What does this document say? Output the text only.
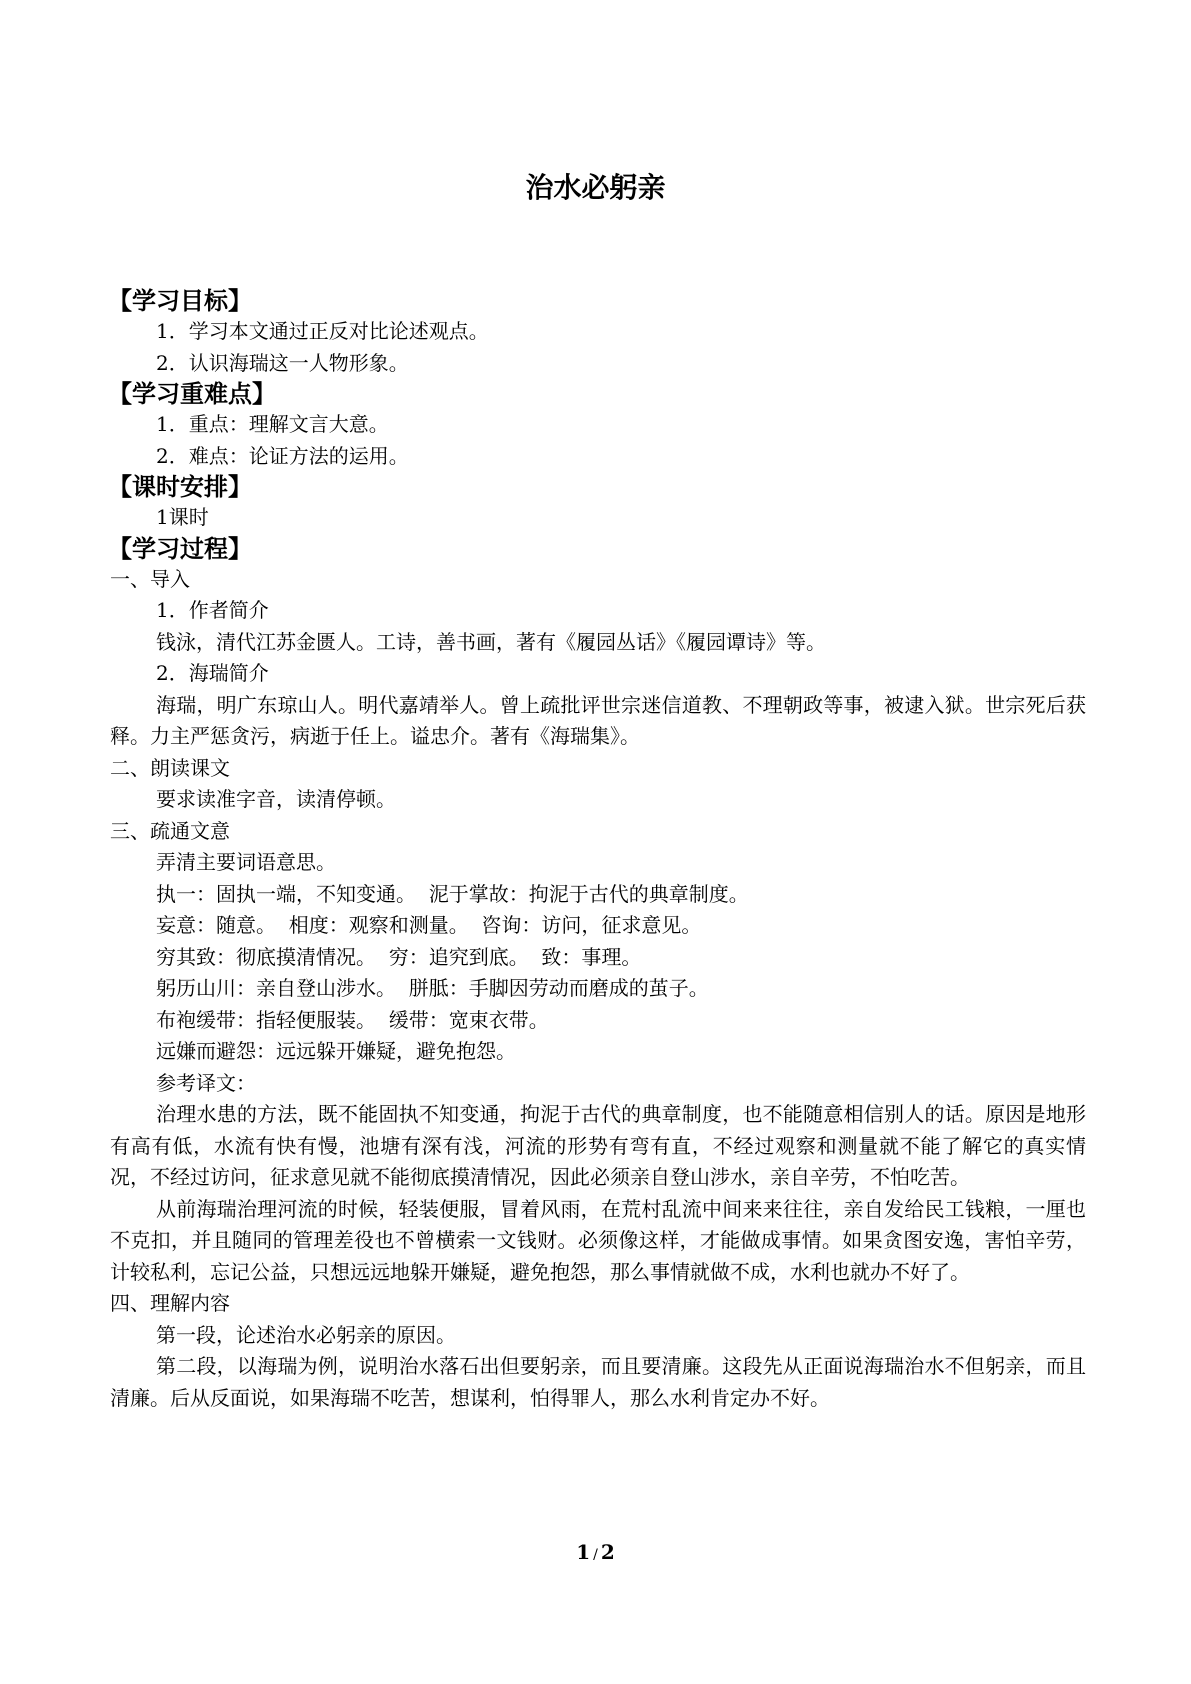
治水必躬亲
【学习目标】
1．学习本文通过正反对比论述观点。
2．认识海瑞这一人物形象。
【学习重难点】
1．重点：理解文言大意。
2．难点：论证方法的运用。
【课时安排】
1课时
【学习过程】
一、导入
1．作者简介
钱泳，清代江苏金匮人。工诗，善书画，著有《履园丛话》《履园谭诗》等。
2．海瑞简介

海瑞，明广东琼山人。明代嘉靖举人。曾上疏批评世宗迷信道教、不理朝政等事，被逮入狱。世宗死后获释。力主严惩贪污，病逝于任上。谥忠介。著有《海瑞集》。

二、朗读课文
要求读准字音，读清停顿。
三、疏通文意
弄清主要词语意思。
执一：固执一端，不知变通。  泥于掌故：拘泥于古代的典章制度。
妄意：随意。  相度：观察和测量。  咨询：访问，征求意见。
穷其致：彻底摸清情况。  穷：追究到底。  致：事理。
躬历山川：亲自登山涉水。  胼胝：手脚因劳动而磨成的茧子。
布袍缓带：指轻便服装。  缓带：宽束衣带。
远嫌而避怨：远远躲开嫌疑，避免抱怨。
参考译文：

治理水患的方法，既不能固执不知变通，拘泥于古代的典章制度，也不能随意相信别人的话。原因是地形有高有低，水流有快有慢，池塘有深有浅，河流的形势有弯有直，不经过观察和测量就不能了解它的真实情况，不经过访问，征求意见就不能彻底摸清情况，因此必须亲自登山涉水，亲自辛劳，不怕吃苦。

从前海瑞治理河流的时候，轻装便服，冒着风雨，在荒村乱流中间来来往往，亲自发给民工钱粮，一厘也不克扣，并且随同的管理差役也不曾横索一文钱财。必须像这样，才能做成事情。如果贪图安逸，害怕辛劳，计较私利，忘记公益，只想远远地躲开嫌疑，避免抱怨，那么事情就做不成，水利也就办不好了。

四、理解内容
第一段，论述治水必躬亲的原因。

第二段，以海瑞为例，说明治水落石出但要躬亲，而且要清廉。这段先从正面说海瑞治水不但躬亲，而且清廉。后从反面说，如果海瑞不吃苦，想谋利，怕得罪人，那么水利肯定办不好。

1 / 2
